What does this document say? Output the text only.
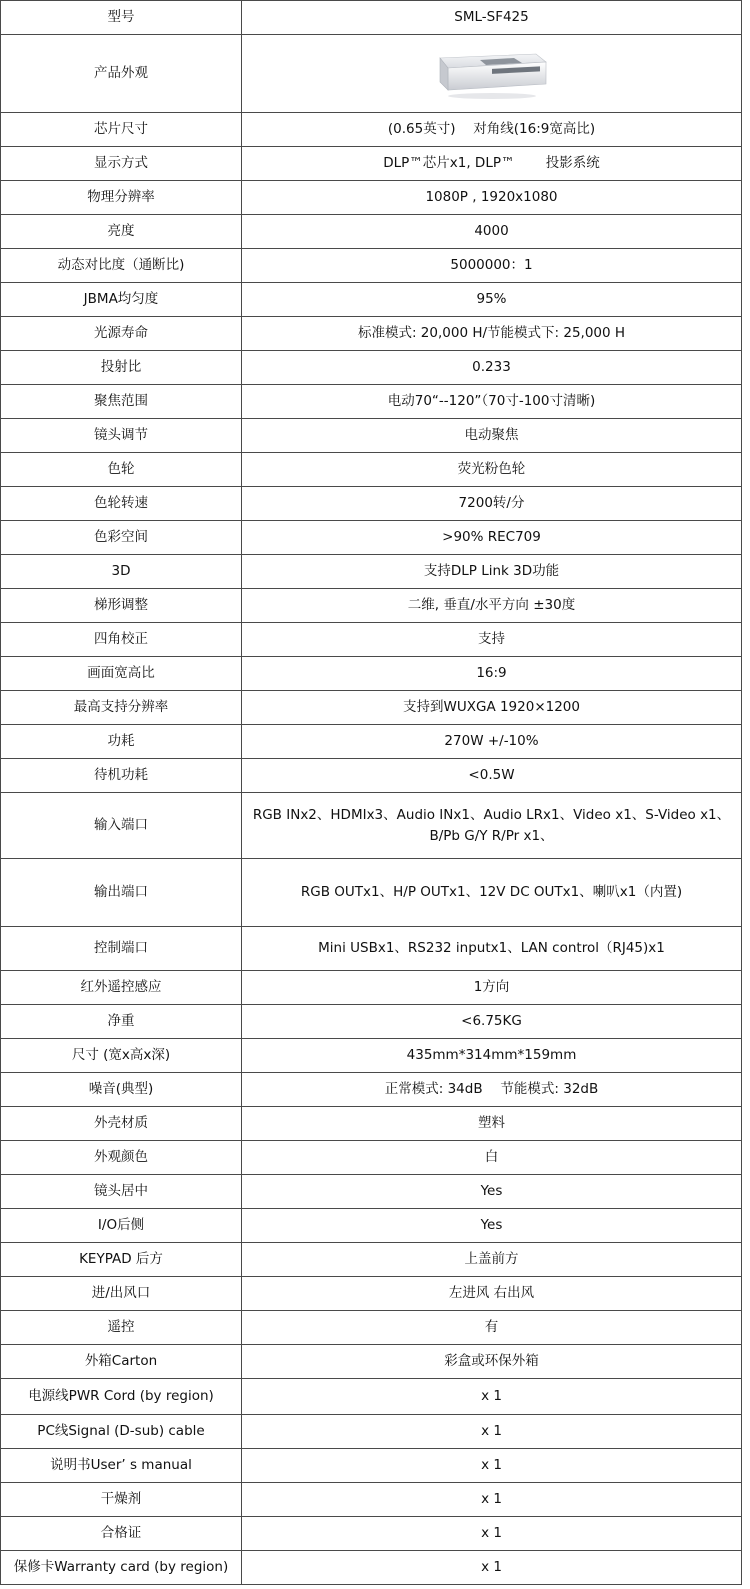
型号	SML-SF425
产品外观	

芯片尺寸	(0.65英寸)　 对角线(16:9宽高比)
显示方式	DLP™芯片x1, DLP™　　 投影系统
物理分辨率	1080P , 1920x1080
亮度	4000
动态对比度（通断比)	5000000：1
JBMA均匀度	95%
光源寿命	标准模式: 20,000 H/节能模式下: 25,000 H
投射比	0.233
聚焦范围	电动70“--120”（70寸-100寸清晰)
镜头调节	电动聚焦
色轮	荧光粉色轮
色轮转速	7200转/分
色彩空间	>90% REC709
3D	支持DLP Link 3D功能
梯形调整	二维, 垂直/水平方向 ±30度
四角校正	支持
画面宽高比	16:9
最高支持分辨率	支持到WUXGA 1920×1200
功耗	270W +/-10%
待机功耗	<0.5W
输入端口	RGB INx2、HDMIx3、Audio INx1、Audio LRx1、Video x1、S-Video x1、B/Pb G/Y R/Pr x1、
输出端口	RGB OUTx1、H/P OUTx1、12V DC OUTx1、喇叭x1（内置)
控制端口	Mini USBx1、RS232 inputx1、LAN control（RJ45)x1
红外遥控感应	1方向
净重	<6.75KG
尺寸 (宽x高x深)	435mm*314mm*159mm
噪音(典型)	正常模式: 34dB　 节能模式: 32dB
外壳材质	塑料
外观颜色	白
镜头居中	Yes
I/O后侧	Yes
KEYPAD 后方	上盖前方
进/出风口	左进风 右出风
遥控	有
外箱Carton	彩盒或环保外箱
电源线PWR Cord (by region)	x 1
PC线Signal (D-sub) cable	x 1
说明书User’ s manual	x 1
干燥剂	x 1
合格证	x 1
保修卡Warranty card (by region)	x 1
